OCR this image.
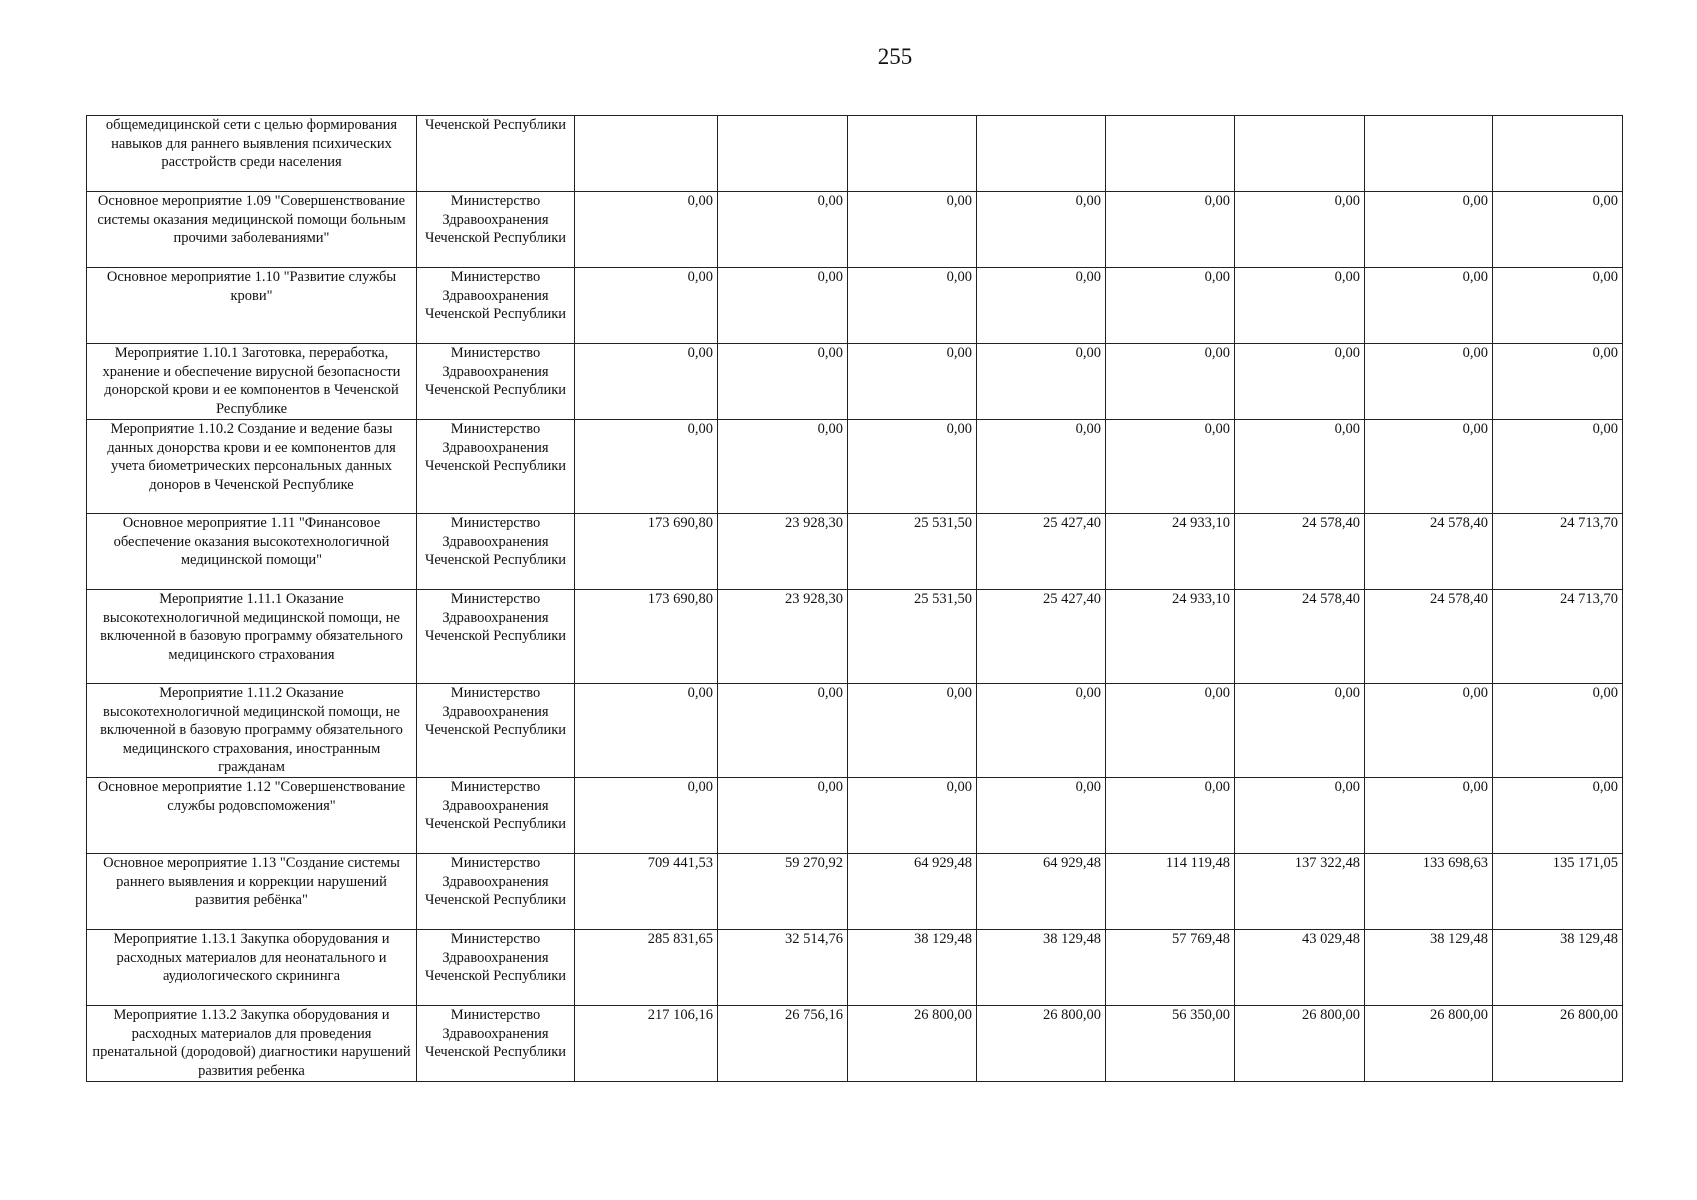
255
общемедицинской сети с целью формирования навыков для раннего выявления психических расстройств среди населения	Чеченской Республики								
Основное мероприятие 1.09 "Совершенствование системы оказания медицинской помощи больным прочими заболеваниями"	Министерство Здравоохранения Чеченской Республики	0,00	0,00	0,00	0,00	0,00	0,00	0,00	0,00
Основное мероприятие 1.10 "Развитие службы крови"	Министерство Здравоохранения Чеченской Республики	0,00	0,00	0,00	0,00	0,00	0,00	0,00	0,00
Мероприятие 1.10.1 Заготовка, переработка, хранение и обеспечение вирусной безопасности донорской крови и ее компонентов в Чеченской Республике	Министерство Здравоохранения Чеченской Республики	0,00	0,00	0,00	0,00	0,00	0,00	0,00	0,00
Мероприятие 1.10.2 Создание и ведение базы данных донорства крови и ее компонентов для учета биометрических персональных данных доноров в Чеченской Республике	Министерство Здравоохранения Чеченской Республики	0,00	0,00	0,00	0,00	0,00	0,00	0,00	0,00
Основное мероприятие 1.11 "Финансовое обеспечение оказания высокотехнологичной медицинской помощи"	Министерство Здравоохранения Чеченской Республики	173 690,80	23 928,30	25 531,50	25 427,40	24 933,10	24 578,40	24 578,40	24 713,70
Мероприятие 1.11.1 Оказание высокотехнологичной медицинской помощи, не включенной в базовую программу обязательного медицинского страхования	Министерство Здравоохранения Чеченской Республики	173 690,80	23 928,30	25 531,50	25 427,40	24 933,10	24 578,40	24 578,40	24 713,70
Мероприятие 1.11.2 Оказание высокотехнологичной медицинской помощи, не включенной в базовую программу обязательного медицинского страхования, иностранным гражданам	Министерство Здравоохранения Чеченской Республики	0,00	0,00	0,00	0,00	0,00	0,00	0,00	0,00
Основное мероприятие 1.12 "Совершенствование службы родовспоможения"	Министерство Здравоохранения Чеченской Республики	0,00	0,00	0,00	0,00	0,00	0,00	0,00	0,00
Основное мероприятие 1.13 "Создание системы раннего выявления и коррекции нарушений развития ребёнка"	Министерство Здравоохранения Чеченской Республики	709 441,53	59 270,92	64 929,48	64 929,48	114 119,48	137 322,48	133 698,63	135 171,05
Мероприятие 1.13.1 Закупка оборудования и расходных материалов для неонатального и аудиологического скрининга	Министерство Здравоохранения Чеченской Республики	285 831,65	32 514,76	38 129,48	38 129,48	57 769,48	43 029,48	38 129,48	38 129,48
Мероприятие 1.13.2 Закупка оборудования и расходных материалов для проведения пренатальной (дородовой) диагностики нарушений развития ребенка	Министерство Здравоохранения Чеченской Республики	217 106,16	26 756,16	26 800,00	26 800,00	56 350,00	26 800,00	26 800,00	26 800,00
